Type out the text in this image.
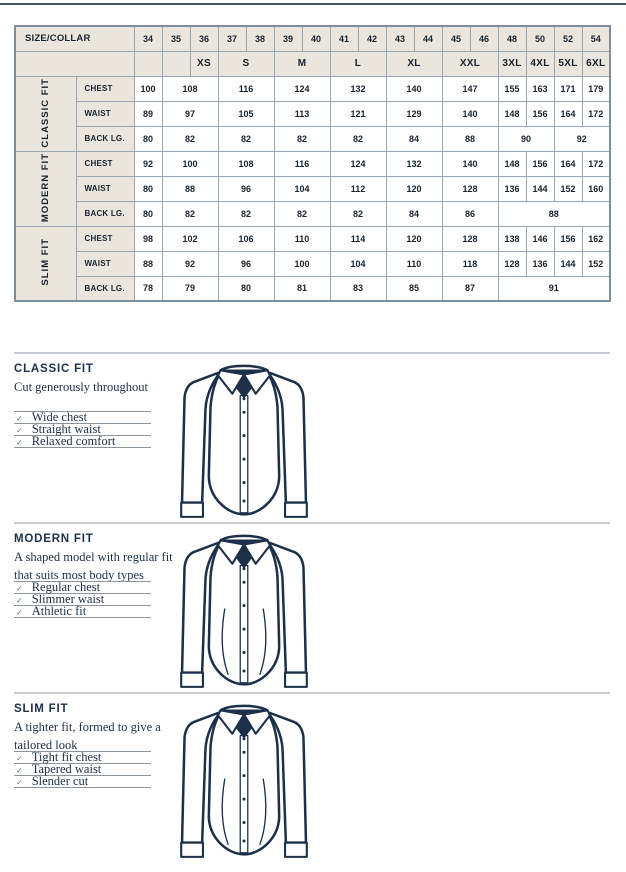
SIZE/COLLAR		34	35	36	37	38	39	40	41	42	43	44	45	46	48	50	52	54
				XS	S		M		L		XL		XXL		3XL	4XL	5XL	6XL
CLASSIC FIT	CHEST	100	108		116		124		132		140		147		155	163	171	179
	WAIST	89	97		105		113		121		129		140		148	156	164	172
	BACK LG.	80	82		82		82		82		84		88		90		92	
MODERN FIT	CHEST	92	100		108		116		124		132		140		148	156	164	172
	WAIST	80	88		96		104		112		120		128		136	144	152	160
	BACK LG.	80	82		82		82		82		84		86		88			
SLIM FIT	CHEST	98	102		106		110		114		120		128		138	146	156	162
	WAIST	88	92		96		100		104		110		118		128	136	144	152
	BACK LG.	78	79		80		81		83		85		87		91			
CLASSIC FIT

Cut generously throughout

✓ Wide chest
✓ Straight waist
✓ Relaxed comfort
MODERN FIT

A shaped model with regular fit that suits most body types

✓ Regular chest
✓ Slimmer waist
✓ Athletic fit
SLIM FIT

A tighter fit, formed to give a tailored look

✓ Tight fit chest
✓ Tapered waist
✓ Slender cut
